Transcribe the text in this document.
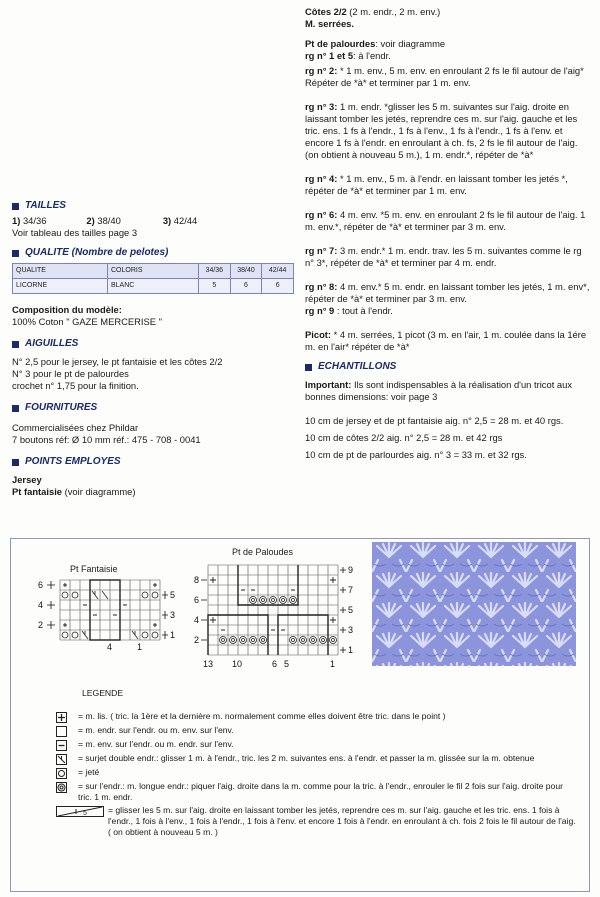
Côtes 2/2 (2 m. endr., 2 m. env.)
M. serrées.

Pt de palourdes: voir diagramme
rg n° 1 et 5: à l'endr.

rg n° 2: * 1 m. env., 5 m. env. en enroulant 2 fs le fil autour de l'aig* Répéter de *à* et terminer par 1 m. env.

rg n° 3: 1 m. endr. *glisser les 5 m. suivantes sur l'aig. droite en laissant tomber les jetés, reprendre ces m. sur l'aig. gauche et les tric. ens. 1 fs à l'endr., 1 fs à l'env., 1 fs à l'endr., 1 fs à l'env. et encore 1 fs à l'endr. en enroulant à ch. fs, 2 fs le fil autour de l'aig. (on obtient à nouveau 5 m.), 1 m. endr.*, répéter de *à*

rg n° 4: * 1 m. env., 5 m. à l'endr. en laissant tomber les jetés *, répéter de *à* et terminer par 1 m. env.

rg n° 6: 4 m. env. *5 m. env. en enroulant 2 fs le fil autour de l'aig. 1 m. env.*, répéter de *à* et terminer par 3 m. env.

rg n° 7: 3 m. endr.* 1 m. endr. trav. les 5 m. suivantes comme le rg n° 3*, répéter de *à* et terminer par 4 m. endr.

rg n° 8: 4 m. env.* 5 m. endr. en laissant tomber les jetés, 1 m. env*, répéter de *à* et terminer par 3 m. env.
rg n° 9 : tout à l'endr.

Picot: * 4 m. serrées, 1 picot (3 m. en l'air, 1 m. coulée dans la 1ére m. en l'air* répéter de *à*

ECHANTILLONS

Important: Ils sont indispensables à la réalisation d'un tricot aux bonnes dimensions: voir page 3

10 cm de jersey et de pt fantaisie aig. n° 2,5 = 28 m. et 40 rgs.

10 cm de côtes 2/2 aig. n° 2,5 = 28 m. et 42 rgs

10 cm de pt de parlourdes aig. n° 3 = 33 m. et 32 rgs.

TAILLES
1) 34/36	2) 38/40	3) 42/44

Voir tableau des tailles page 3

QUALITE (Nombre de pelotes)
QUALITE	COLORIS	34/36	38/40	42/44
LICORNE	BLANC	5	6	6

Composition du modèle:
100% Coton " GAZE MERCERISE "

AIGUILLES

N° 2,5 pour le jersey, le pt fantaisie et les côtes 2/2
N° 3 pour le pt de palourdes
crochet n° 1,75 pour la finition.

FOURNITURES

Commercialisées chez Phildar
7 boutons réf: Ø 10 mm réf.: 475 - 708 - 0041

POINTS EMPLOYES

Jersey
Pt fantaisie (voir diagramme)

Pt Fantaisie
6
4
2
5
3
1
4	1
Pt de Paloudes
8
6
4
2
9
7
5
3
1
13 10	6 5	1
LEGENDE
= m. lis. ( tric. la 1ère et la dernière m. normalement comme elles doivent être tric. dans le point )
= m. endr. sur l'endr. ou m. env. sur l'env.
= m. env. sur l'endr. ou m. endr. sur l'env.
= surjet double endr.: glisser 1 m. à l'endr., tric. les 2 m. suivantes ens. à l'endr. et passer la m. glissée sur la m. obtenue
= jeté
= sur l'endr.: m. longue endr.: piquer l'aig. droite dans la m. comme pour la tric. à l'endr., enrouler le fil 2 fois sur l'aig. droite pour tric. 1 m. endr.
5 = glisser les 5 m. sur l'aig. droite en laissant tomber les jetés, reprendre ces m. sur l'aig. gauche et les tric. ens. 1 fois à l'endr., 1 fois à l'env., 1 fois à l'endr., 1 fois à l'env. et encore 1 fois à l'endr. en enroulant à ch. fois 2 fois le fil autour de l'aig. ( on obtient à nouveau 5 m. )
